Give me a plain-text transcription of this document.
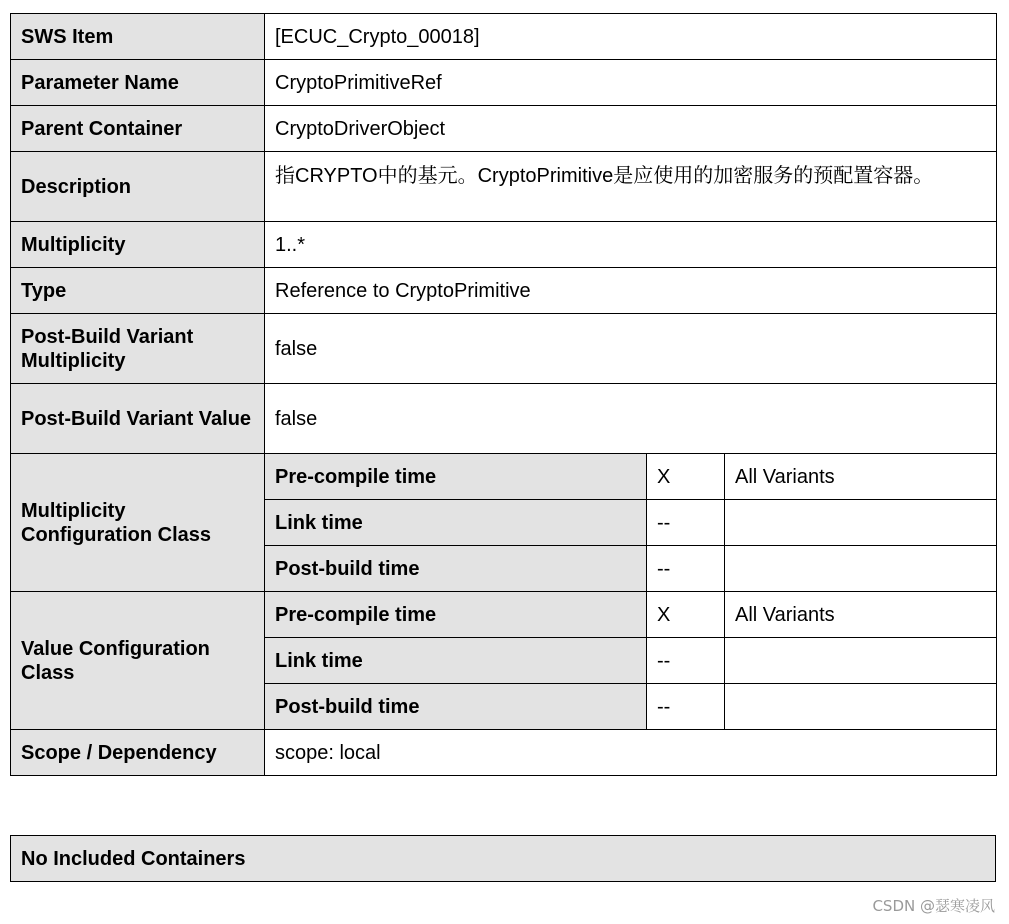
SWS Item	[ECUC_Crypto_00018]		
Parameter Name	CryptoPrimitiveRef		
Parent Container	CryptoDriverObject		
Description	指CRYPTO中的基元。CryptoPrimitive是应使用的加密服务的预配置容器。		
Multiplicity	1..*		
Type	Reference to CryptoPrimitive		
Post-Build Variant Multiplicity	false		
Post-Build Variant Value	false		
Multiplicity Configuration Class	Pre-compile time	X	All Variants
	Link time	--	
	Post-build time	--	
Value Configuration Class	Pre-compile time	X	All Variants
	Link time	--	
	Post-build time	--	
Scope / Dependency	scope: local		
No Included Containers
CSDN @瑟寒凌风
